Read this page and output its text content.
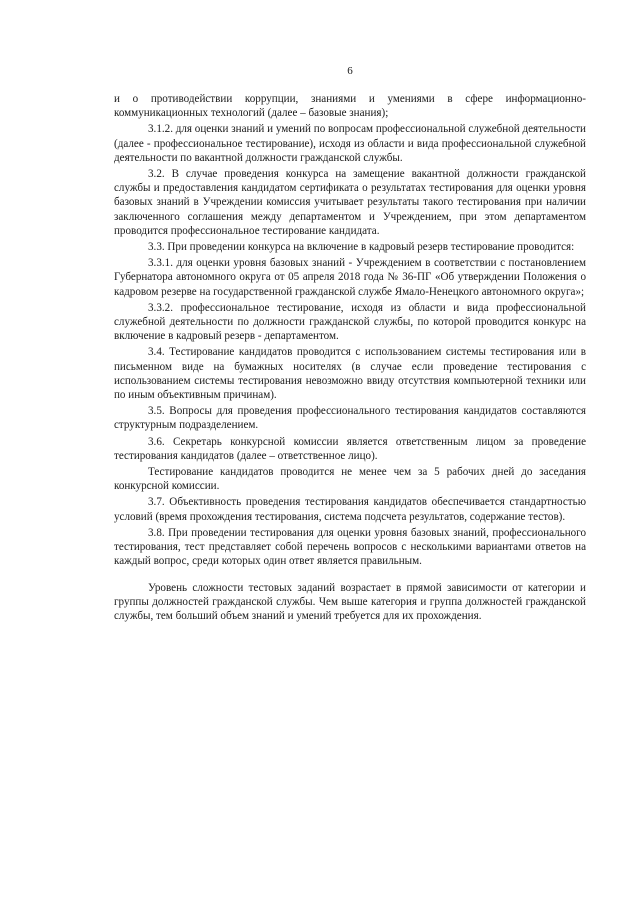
6

и о противодействии коррупции, знаниями и умениями в сфере информационно-коммуникационных технологий (далее – базовые знания);

3.1.2. для оценки знаний и умений по вопросам профессиональной служебной деятельности (далее - профессиональное тестирование), исходя из области и вида профессиональной служебной деятельности по вакантной должности гражданской службы.

3.2. В случае проведения конкурса на замещение вакантной должности гражданской службы и предоставления кандидатом сертификата о результатах тестирования для оценки уровня базовых знаний в Учреждении комиссия учитывает результаты такого тестирования при наличии заключенного соглашения между департаментом и Учреждением, при этом департаментом проводится профессиональное тестирование кандидата.

3.3. При проведении конкурса на включение в кадровый резерв тестирование проводится:

3.3.1. для оценки уровня базовых знаний - Учреждением в соответствии с постановлением Губернатора автономного округа от 05 апреля 2018 года № 36-ПГ «Об утверждении Положения о кадровом резерве на государственной гражданской службе Ямало-Ненецкого автономного округа»;

3.3.2. профессиональное тестирование, исходя из области и вида профессиональной служебной деятельности по должности гражданской службы, по которой проводится конкурс на включение в кадровый резерв - департаментом.

3.4. Тестирование кандидатов проводится с использованием системы тестирования или в письменном виде на бумажных носителях (в случае если проведение тестирования с использованием системы тестирования невозможно ввиду отсутствия компьютерной техники или по иным объективным причинам).

3.5. Вопросы для проведения профессионального тестирования кандидатов составляются структурным подразделением.

3.6. Секретарь конкурсной комиссии является ответственным лицом за проведение тестирования кандидатов (далее – ответственное лицо).

Тестирование кандидатов проводится не менее чем за 5 рабочих дней до заседания конкурсной комиссии.

3.7. Объективность проведения тестирования кандидатов обеспечивается стандартностью условий (время прохождения тестирования, система подсчета результатов, содержание тестов).

3.8. При проведении тестирования для оценки уровня базовых знаний, профессионального тестирования, тест представляет собой перечень вопросов с несколькими вариантами ответов на каждый вопрос, среди которых один ответ является правильным.

Уровень сложности тестовых заданий возрастает в прямой зависимости от категории и группы должностей гражданской службы. Чем выше категория и группа должностей гражданской службы, тем больший объем знаний и умений требуется для их прохождения.
